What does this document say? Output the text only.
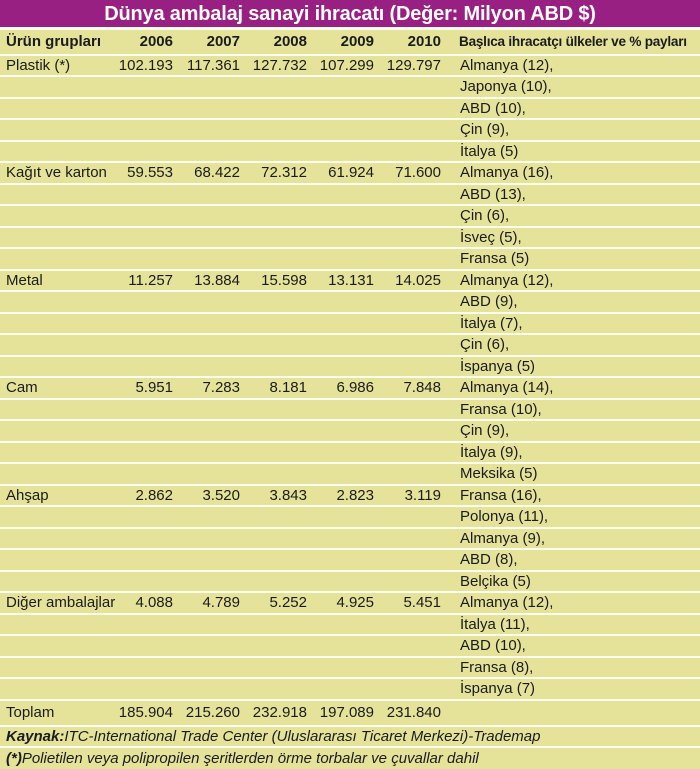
Dünya ambalaj sanayi ihracatı (Değer: Milyon ABD $)
Ürün grupları	2006	2007	2008	2009	2010	Başlıca ihracatçı ülkeler ve % payları
Plastik (*)	102.193 117.361 127.732 107.299 129.797	Almanya (12),
Japonya (10),
ABD (10),
Çin (9),
İtalya (5)
Kağıt ve karton	59.553	68.422	72.312	61.924	71.600	Almanya (16),
ABD (13),
Çin (6),
İsveç (5),
Fransa (5)
Metal	11.257	13.884	15.598	13.131	14.025	Almanya (12),
ABD (9),
İtalya (7),
Çin (6),
İspanya (5)
Cam	5.951	7.283	8.181	6.986	7.848	Almanya (14),
Fransa (10),
Çin (9),
İtalya (9),
Meksika (5)
Ahşap	2.862	3.520	3.843	2.823	3.119	Fransa (16),
Polonya (11),
Almanya (9),
ABD (8),
Belçika (5)
Diğer ambalajlar	4.088	4.789	5.252	4.925	5.451	Almanya (12),
İtalya (11),
ABD (10),
Fransa (8),
İspanya (7)
Toplam	185.904 215.260 232.918 197.089 231.840
Kaynak: ITC-International Trade Center (Uluslararası Ticaret Merkezi)-Trademap
(*) Polietilen veya polipropilen şeritlerden örme torbalar ve çuvallar dahil
